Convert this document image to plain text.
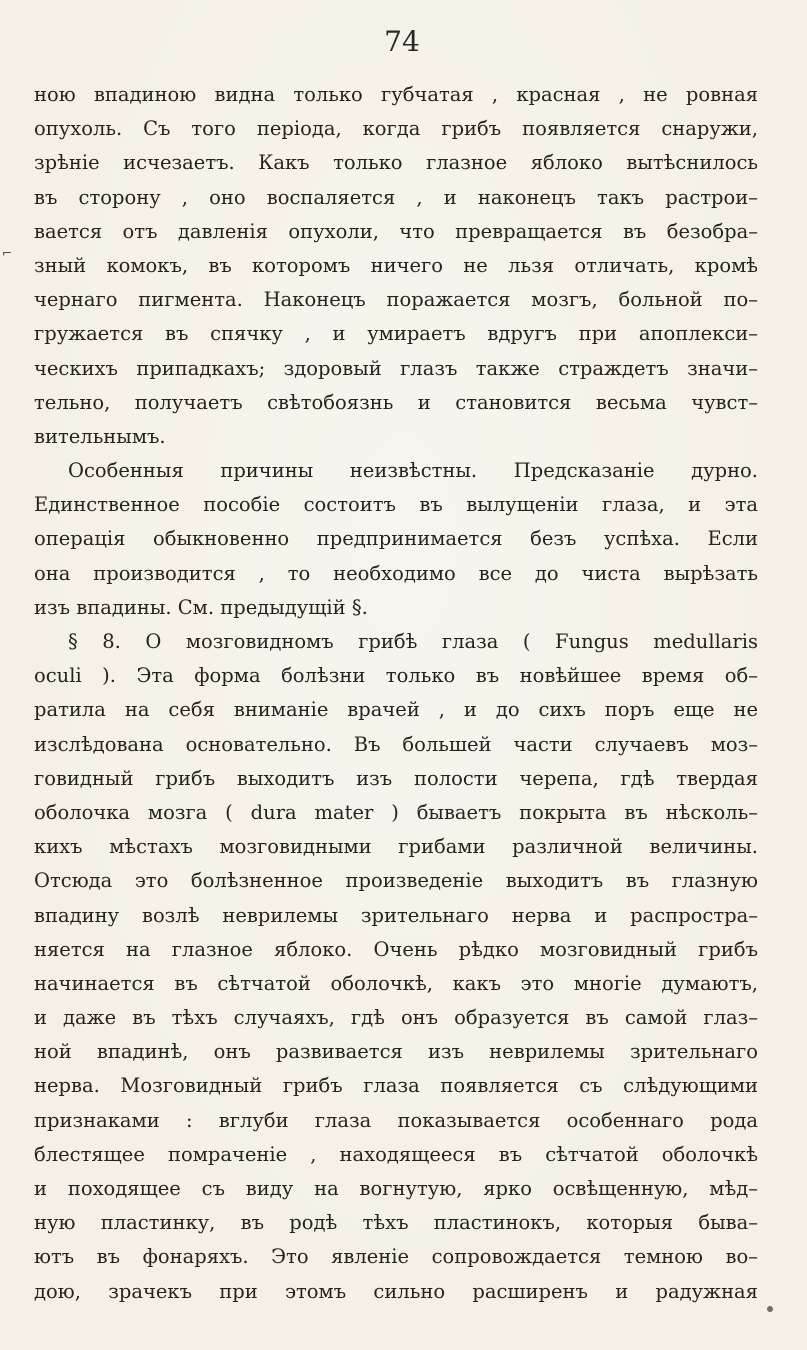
74
⌐
ною впадиною видна только губчатая , красная , не ровная
опухоль. Съ того періода, когда грибъ появляется снаружи,
зрѣніе исчезаетъ. Какъ только глазное яблоко вытѣснилось
въ сторону , оно воспаляется , и наконецъ такъ растрои–
вается отъ давленія опухоли, что превращается въ безобра–
зный комокъ, въ которомъ ничего не льзя отличать, кромѣ
чернаго пигмента. Наконецъ поражается мозгъ, больной по–
гружается въ спячку , и умираетъ вдругъ при апоплекси–
ческихъ припадкахъ; здоровый глазъ также страждетъ значи–
тельно, получаетъ свѣтобоязнь и становится весьма чувст–
вительнымъ.
Особенныя причины неизвѣстны. Предсказаніе дурно.
Единственное пособіе состоитъ въ вылущеніи глаза, и эта
операція обыкновенно предпринимается безъ успѣха. Если
она производится , то необходимо все до чиста вырѣзать
изъ впадины. См. предыдущій §.
§ 8. О мозговидномъ грибѣ глаза ( Fungus medullaris
oculi ). Эта форма болѣзни только въ новѣйшее время об–
ратила на себя вниманіе врачей , и до сихъ поръ еще не
изслѣдована основательно. Въ большей части случаевъ моз–
говидный грибъ выходитъ изъ полости черепа, гдѣ твердая
оболочка мозга ( dura mater ) бываетъ покрыта въ нѣсколь–
кихъ мѣстахъ мозговидными грибами различной величины.
Отсюда это болѣзненное произведеніе выходитъ въ глазную
впадину возлѣ неврилемы зрительнаго нерва и распростра–
няется на глазное яблоко. Очень рѣдко мозговидный грибъ
начинается въ сѣтчатой оболочкѣ, какъ это многіе думаютъ,
и даже въ тѣхъ случаяхъ, гдѣ онъ образуется въ самой глаз–
ной впадинѣ, онъ развивается изъ неврилемы зрительнаго
нерва. Мозговидный грибъ глаза появляется съ слѣдующими
признаками : вглуби глаза показывается особеннаго рода
блестящее помраченіе , находящееся въ сѣтчатой оболочкѣ
и походящее съ виду на вогнутую, ярко освѣщенную, мѣд–
ную пластинку, въ родѣ тѣхъ пластинокъ, которыя быва–
ютъ въ фонаряхъ. Это явленіе сопровождается темною во–
дою, зрачекъ при этомъ сильно расширенъ и радужная
